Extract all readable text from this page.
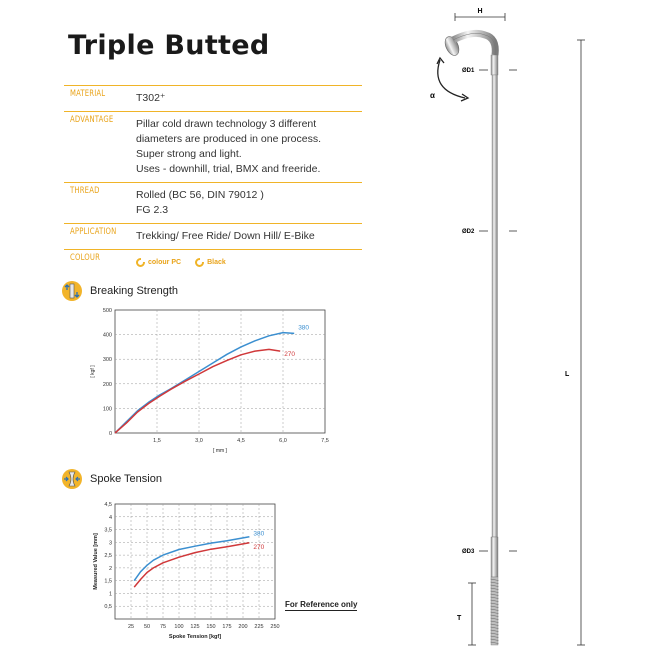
Triple Butted
MATERIAL	T302⁺
ADVANTAGE Pillar cold drawn technology 3 different
diameters are produced in one process.
Super strong and light.
Uses - downhill, trial, BMX and freeride.
THREAD	Rolled (BC 56, DIN 79012 )
FG 2.3
APPLICATION Trekking/ Free Ride/ Down Hill/ E-Bike
COLOUR	colour PC	Black
Breaking Strength
Spoke Tension
1,5	3,0	4,5	6,0	7,5
0
100
200
300
400
500
[ mm ]
[ kgf ]
380
270
25 50 75 100 125 150 175 200 225 250
0,5
1
1,5
2
2,5
3
3,5
4
4,5
Spoke Tension [kgf]
Measured Value [mm]	380
270
For Reference only
H
α
ØD1
ØD2
ØD3
L
T
